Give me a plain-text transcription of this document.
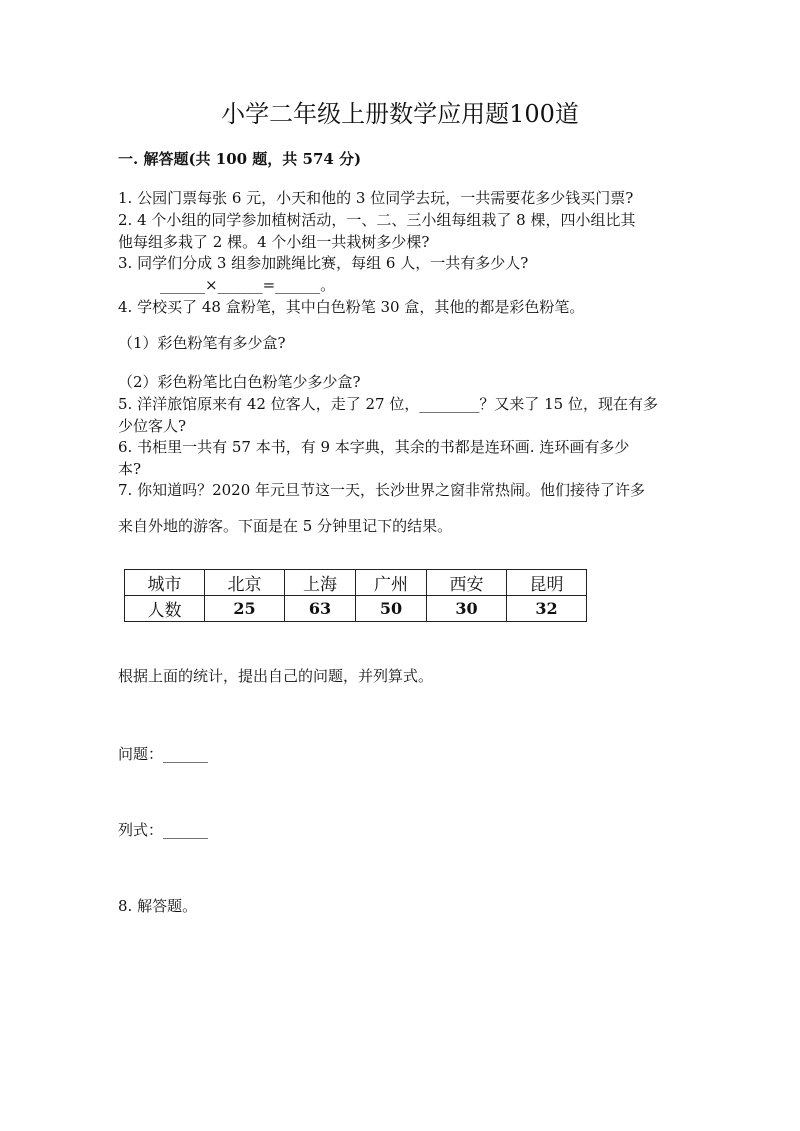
小学二年级上册数学应用题100道
一. 解答题(共 100 题，共 574 分)
1. 公园门票每张 6 元，小天和他的 3 位同学去玩，一共需要花多少钱买门票?
2. 4 个小组的同学参加植树活动，一、二、三小组每组栽了 8 棵，四小组比其
他每组多栽了 2 棵。4 个小组一共栽树多少棵?
3. 同学们分成 3 组参加跳绳比赛，每组 6 人，一共有多少人?
______×______=______。
4. 学校买了 48 盒粉笔，其中白色粉笔 30 盒，其他的都是彩色粉笔。
（1）彩色粉笔有多少盒?
（2）彩色粉笔比白色粉笔少多少盒?
5. 洋洋旅馆原来有 42 位客人，走了 27 位，________？又来了 15 位，现在有多
少位客人?
6. 书柜里一共有 57 本书，有 9 本字典，其余的书都是连环画. 连环画有多少
本?
7. 你知道吗？2020 年元旦节这一天，长沙世界之窗非常热闹。他们接待了许多
来自外地的游客。下面是在 5 分钟里记下的结果。
城市	北京	上海	广州	西安	昆明
人数	25	63	50	30	32
根据上面的统计，提出自己的问题，并列算式。
问题：______
列式：______
8. 解答题。
